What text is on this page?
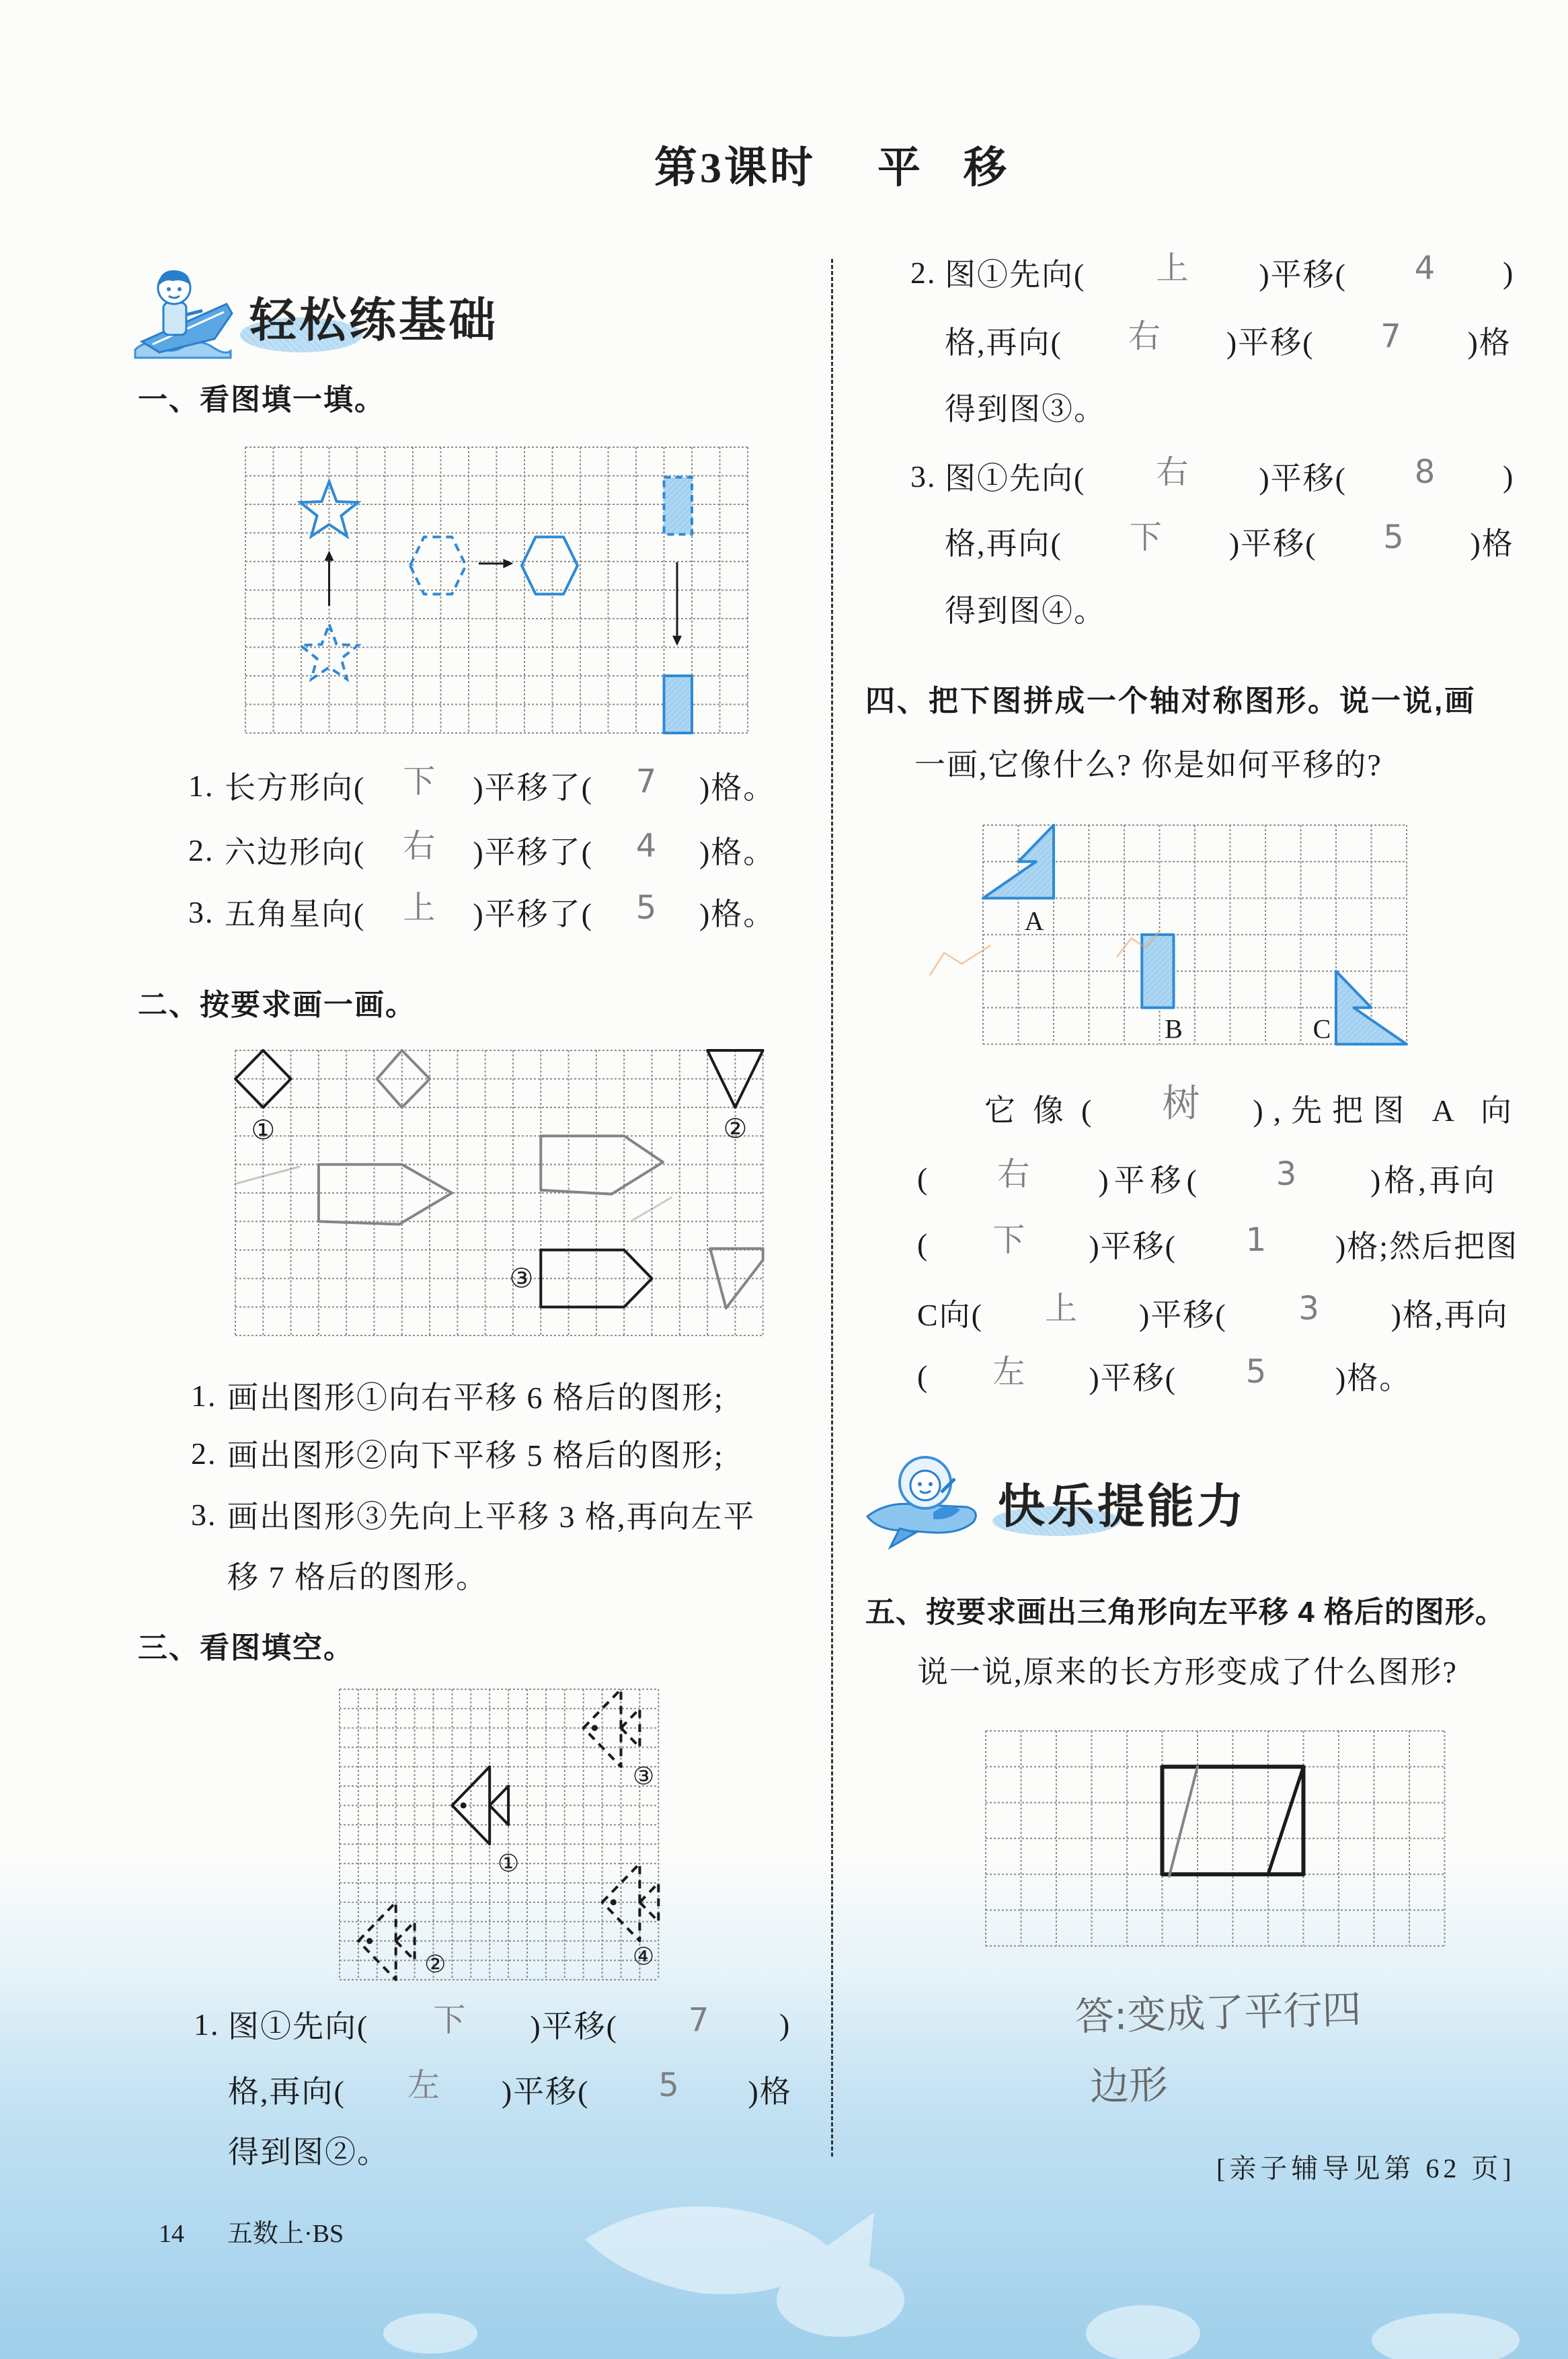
第3课时 平 移
轻松练基础
一、看图填一填。
1. 长方形向(	下	)平移了(	7	)格。
2. 六边形向(	右	)平移了(	4	)格。
3. 五角星向(	上	)平移了(	5	)格。
二、按要求画一画。
1. 画出图形①向右平移 6 格后的图形;
2. 画出图形②向下平移 5 格后的图形;
3. 画出图形③先向上平移 3 格,再向左平
移 7 格后的图形。
三、看图填空。
1. 图①先向(	下	)平移(	7	)
格,再向(	左	)平移(	5	)格
得到图②。
2. 图①先向(	上	)平移(	4	)
格,再向(	右	)平移(	7	)格
得到图③。
3. 图①先向(	右	)平移(	8	)
格,再向(	下	)平移(	5	)格
得到图④。
四、把下图拼成一个轴对称图形。说一说,画
一画,它像什么? 你是如何平移的?
它像(	树	),先把图 A 向
(	右	)平移(	3	)格,再向
(	下	)平移(	1	)格;然后把图
C向(	上	)平移(	3	)格,再向
(	左	)平移(	5	)格。
快乐提能力
五、按要求画出三角形向左平移 4 格后的图形。
说一说,原来的长方形变成了什么图形?
答:变成了平行四
边形
[亲子辅导见第 62 页]
14 五数上·BS
①	②
③
①
②
③
④
A
B	C
